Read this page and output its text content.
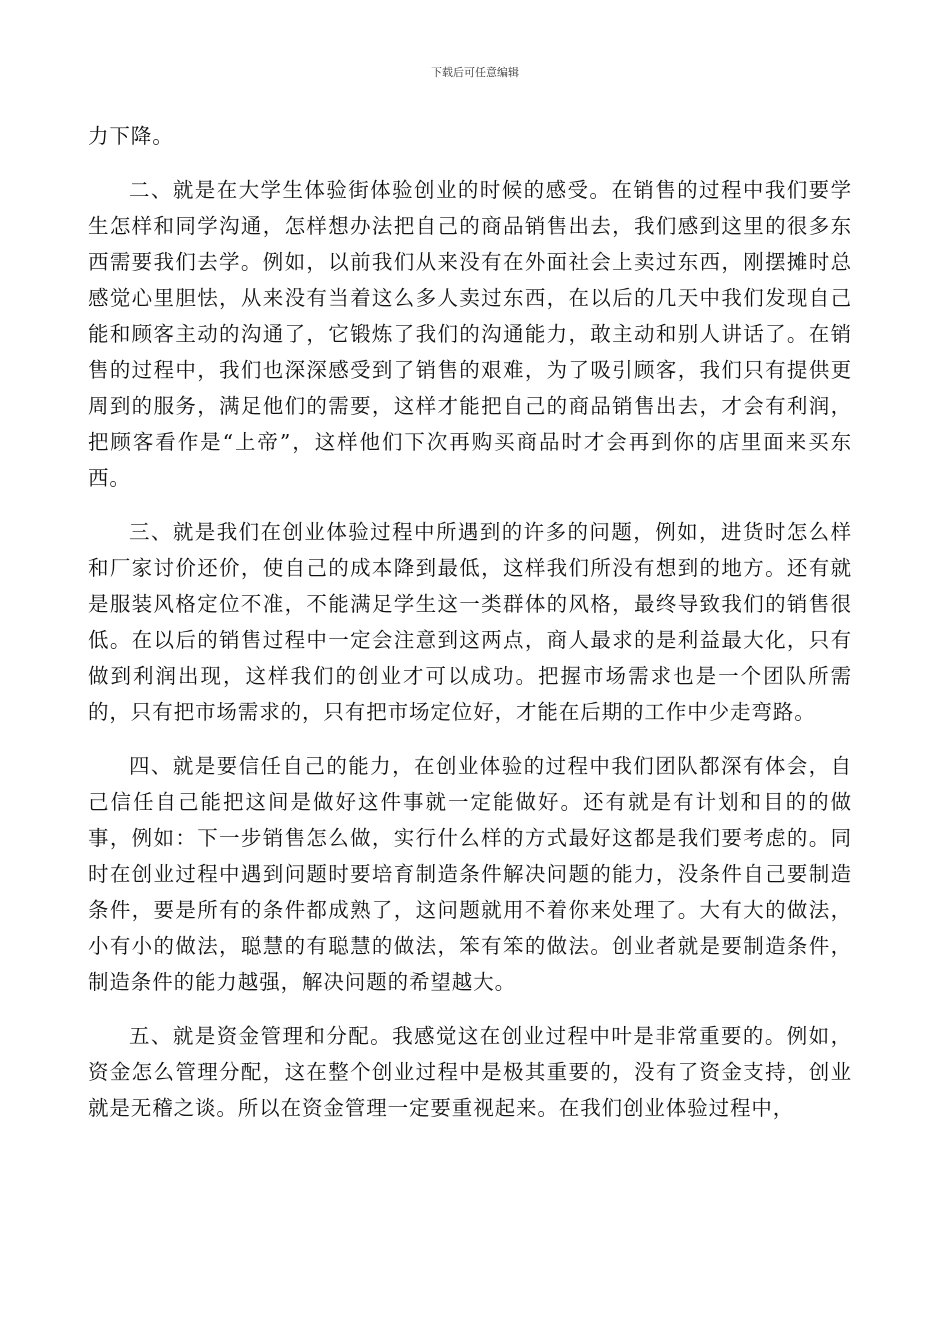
下载后可任意编辑

力下降。

二、就是在大学生体验街体验创业的时候的感受。在销售的过程中我们要学生怎样和同学沟通，怎样想办法把自己的商品销售出去，我们感到这里的很多东西需要我们去学。例如，以前我们从来没有在外面社会上卖过东西，刚摆摊时总感觉心里胆怯，从来没有当着这么多人卖过东西，在以后的几天中我们发现自己能和顾客主动的沟通了，它锻炼了我们的沟通能力，敢主动和别人讲话了。在销售的过程中，我们也深深感受到了销售的艰难，为了吸引顾客，我们只有提供更周到的服务，满足他们的需要，这样才能把自己的商品销售出去，才会有利润，把顾客看作是“上帝”，这样他们下次再购买商品时才会再到你的店里面来买东西。

三、就是我们在创业体验过程中所遇到的许多的问题，例如，进货时怎么样和厂家讨价还价，使自己的成本降到最低，这样我们所没有想到的地方。还有就是服装风格定位不准，不能满足学生这一类群体的风格，最终导致我们的销售很低。在以后的销售过程中一定会注意到这两点，商人最求的是利益最大化，只有做到利润出现，这样我们的创业才可以成功。把握市场需求也是一个团队所需的，只有把市场需求的，只有把市场定位好，才能在后期的工作中少走弯路。

四、就是要信任自己的能力，在创业体验的过程中我们团队都深有体会，自己信任自己能把这间是做好这件事就一定能做好。还有就是有计划和目的的做事，例如：下一步销售怎么做，实行什么样的方式最好这都是我们要考虑的。同时在创业过程中遇到问题时要培育制造条件解决问题的能力，没条件自己要制造条件，要是所有的条件都成熟了，这问题就用不着你来处理了。大有大的做法，小有小的做法，聪慧的有聪慧的做法，笨有笨的做法。创业者就是要制造条件，制造条件的能力越强，解决问题的希望越大。

五、就是资金管理和分配。我感觉这在创业过程中叶是非常重要的。例如，资金怎么管理分配，这在整个创业过程中是极其重要的，没有了资金支持，创业就是无稽之谈。所以在资金管理一定要重视起来。在我们创业体验过程中，
